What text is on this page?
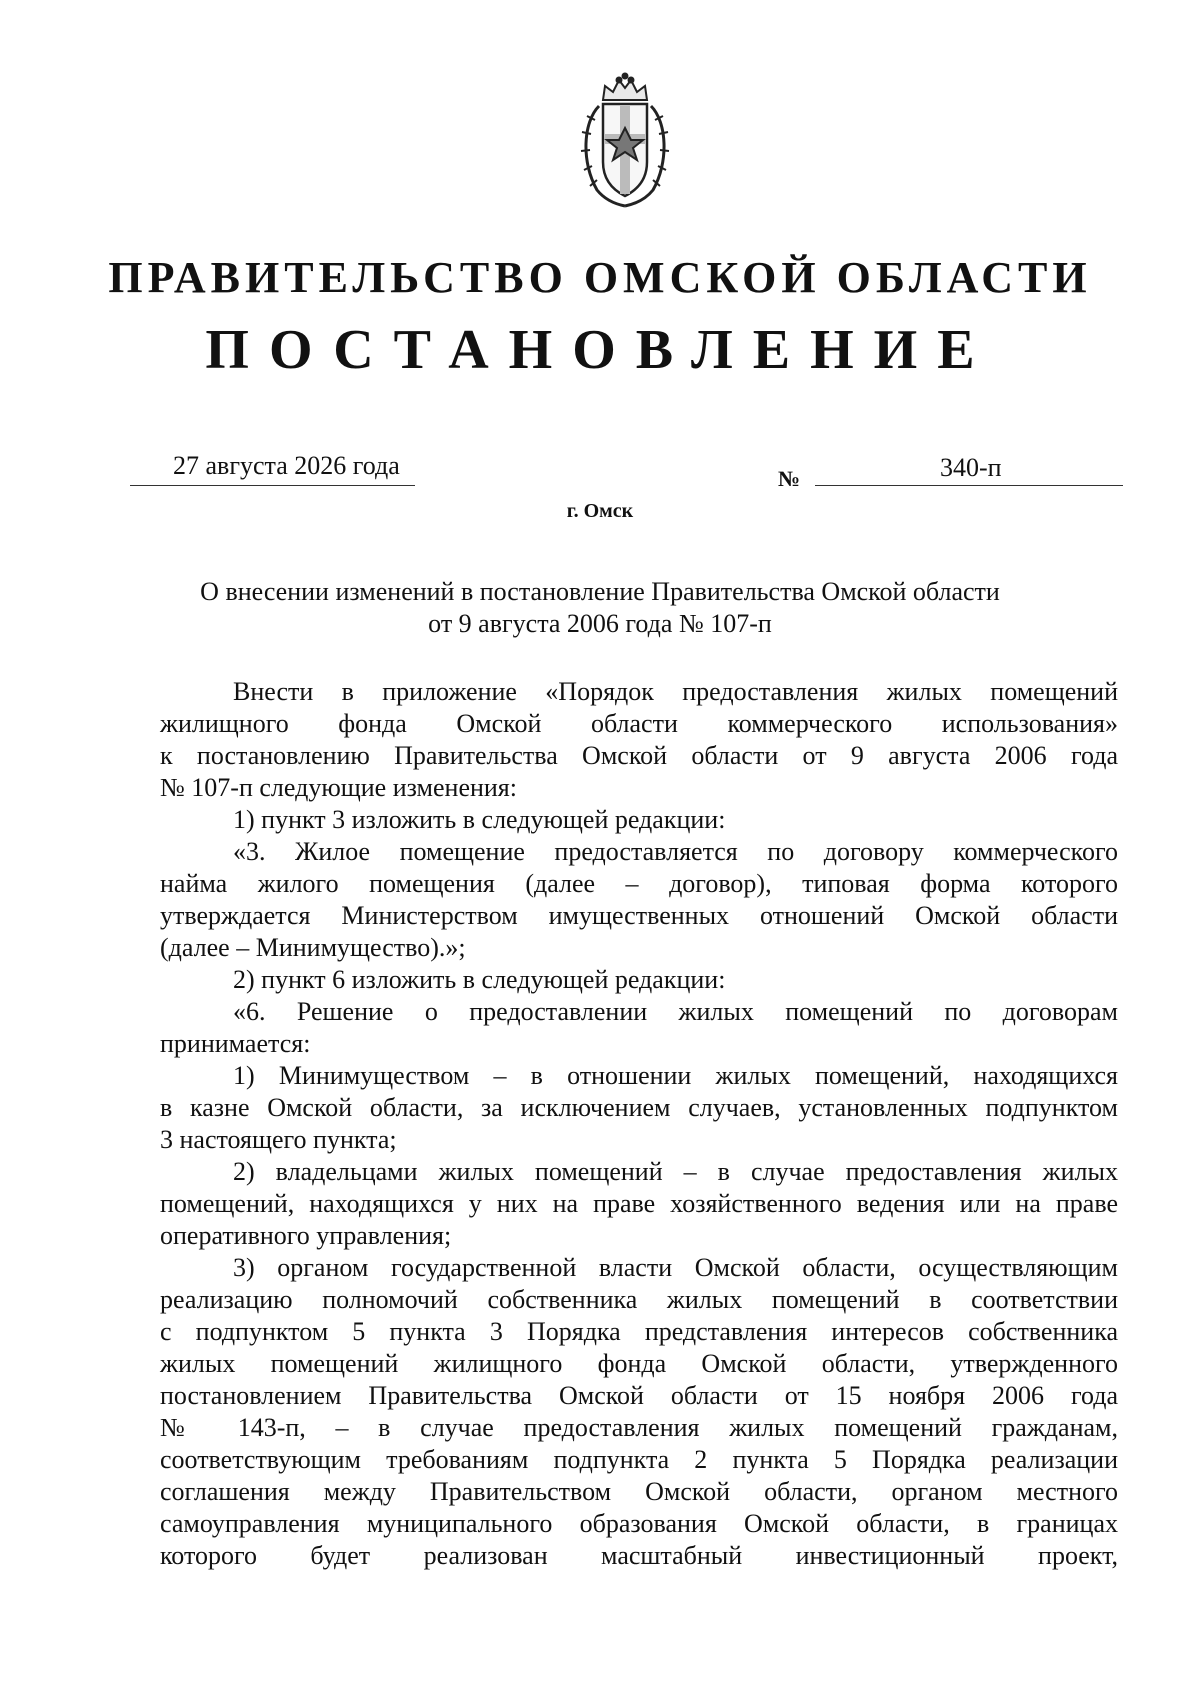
ПРАВИТЕЛЬСТВО ОМСКОЙ ОБЛАСТИ
ПОСТАНОВЛЕНИЕ
27 августа 2026 года	№	340-п
г. Омск
О внесении изменений в постановление Правительства Омской области
от 9 августа 2006 года № 107-п
Внести в приложение «Порядок предоставления жилых помещений
жилищного фонда Омской области коммерческого использования»
к постановлению Правительства Омской области от 9 августа 2006 года
№ 107-п следующие изменения:
1) пункт 3 изложить в следующей редакции:
«3. Жилое помещение предоставляется по договору коммерческого
найма жилого помещения (далее – договор), типовая форма которого
утверждается Министерством имущественных отношений Омской области
(далее – Минимущество).»;
2) пункт 6 изложить в следующей редакции:
«6. Решение о предоставлении жилых помещений по договорам
принимается:
1) Минимуществом – в отношении жилых помещений, находящихся
в казне Омской области, за исключением случаев, установленных подпунктом
3 настоящего пункта;
2) владельцами жилых помещений – в случае предоставления жилых
помещений, находящихся у них на праве хозяйственного ведения или на праве
оперативного управления;
3) органом государственной власти Омской области, осуществляющим
реализацию полномочий собственника жилых помещений в соответствии
с подпунктом 5 пункта 3 Порядка представления интересов собственника
жилых помещений жилищного фонда Омской области, утвержденного
постановлением Правительства Омской области от 15 ноября 2006 года
№ 143-п, – в случае предоставления жилых помещений гражданам,
соответствующим требованиям подпункта 2 пункта 5 Порядка реализации
соглашения между Правительством Омской области, органом местного
самоуправления муниципального образования Омской области, в границах
которого будет реализован масштабный инвестиционный проект,
